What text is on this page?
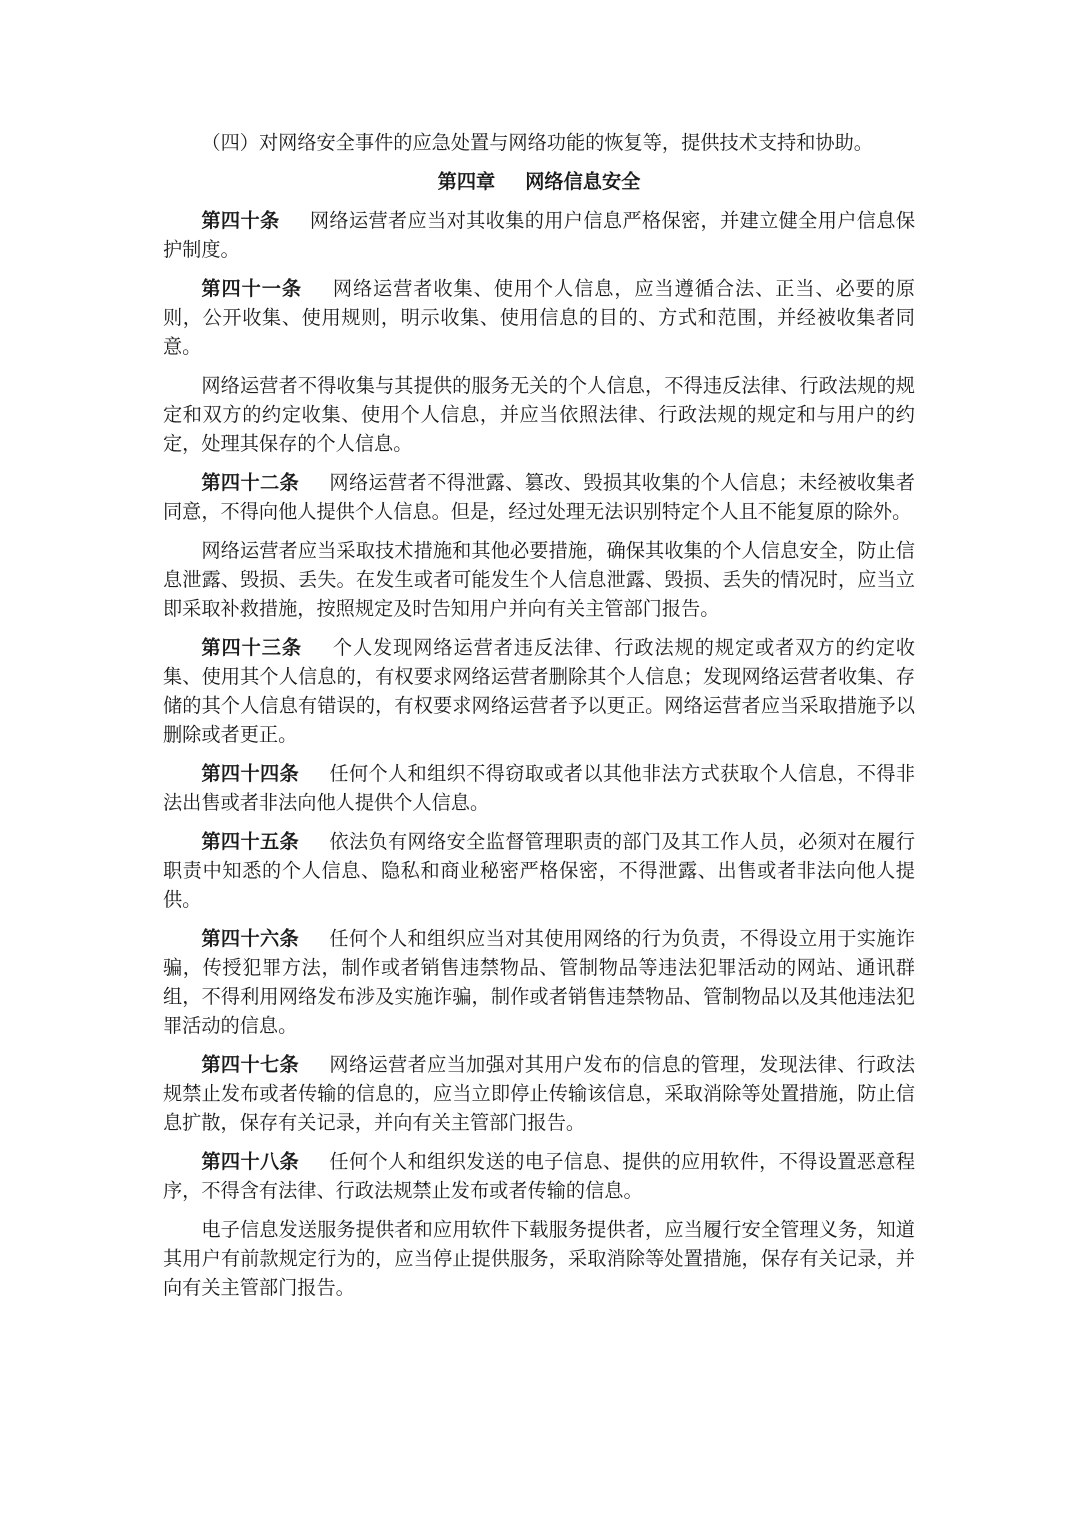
（四）对网络安全事件的应急处置与网络功能的恢复等，提供技术支持和协助。

第四章 网络信息安全

第四十条 网络运营者应当对其收集的用户信息严格保密，并建立健全用户信息保护制度。

第四十一条 网络运营者收集、使用个人信息，应当遵循合法、正当、必要的原则，公开收集、使用规则，明示收集、使用信息的目的、方式和范围，并经被收集者同意。

网络运营者不得收集与其提供的服务无关的个人信息，不得违反法律、行政法规的规定和双方的约定收集、使用个人信息，并应当依照法律、行政法规的规定和与用户的约定，处理其保存的个人信息。

第四十二条 网络运营者不得泄露、篡改、毁损其收集的个人信息；未经被收集者同意，不得向他人提供个人信息。但是，经过处理无法识别特定个人且不能复原的除外。

网络运营者应当采取技术措施和其他必要措施，确保其收集的个人信息安全，防止信息泄露、毁损、丢失。在发生或者可能发生个人信息泄露、毁损、丢失的情况时，应当立即采取补救措施，按照规定及时告知用户并向有关主管部门报告。

第四十三条 个人发现网络运营者违反法律、行政法规的规定或者双方的约定收集、使用其个人信息的，有权要求网络运营者删除其个人信息；发现网络运营者收集、存储的其个人信息有错误的，有权要求网络运营者予以更正。网络运营者应当采取措施予以删除或者更正。

第四十四条 任何个人和组织不得窃取或者以其他非法方式获取个人信息，不得非法出售或者非法向他人提供个人信息。

第四十五条 依法负有网络安全监督管理职责的部门及其工作人员，必须对在履行职责中知悉的个人信息、隐私和商业秘密严格保密，不得泄露、出售或者非法向他人提供。

第四十六条 任何个人和组织应当对其使用网络的行为负责，不得设立用于实施诈骗，传授犯罪方法，制作或者销售违禁物品、管制物品等违法犯罪活动的网站、通讯群组，不得利用网络发布涉及实施诈骗，制作或者销售违禁物品、管制物品以及其他违法犯罪活动的信息。

第四十七条 网络运营者应当加强对其用户发布的信息的管理，发现法律、行政法规禁止发布或者传输的信息的，应当立即停止传输该信息，采取消除等处置措施，防止信息扩散，保存有关记录，并向有关主管部门报告。

第四十八条 任何个人和组织发送的电子信息、提供的应用软件，不得设置恶意程序，不得含有法律、行政法规禁止发布或者传输的信息。

电子信息发送服务提供者和应用软件下载服务提供者，应当履行安全管理义务，知道其用户有前款规定行为的，应当停止提供服务，采取消除等处置措施，保存有关记录，并向有关主管部门报告。
